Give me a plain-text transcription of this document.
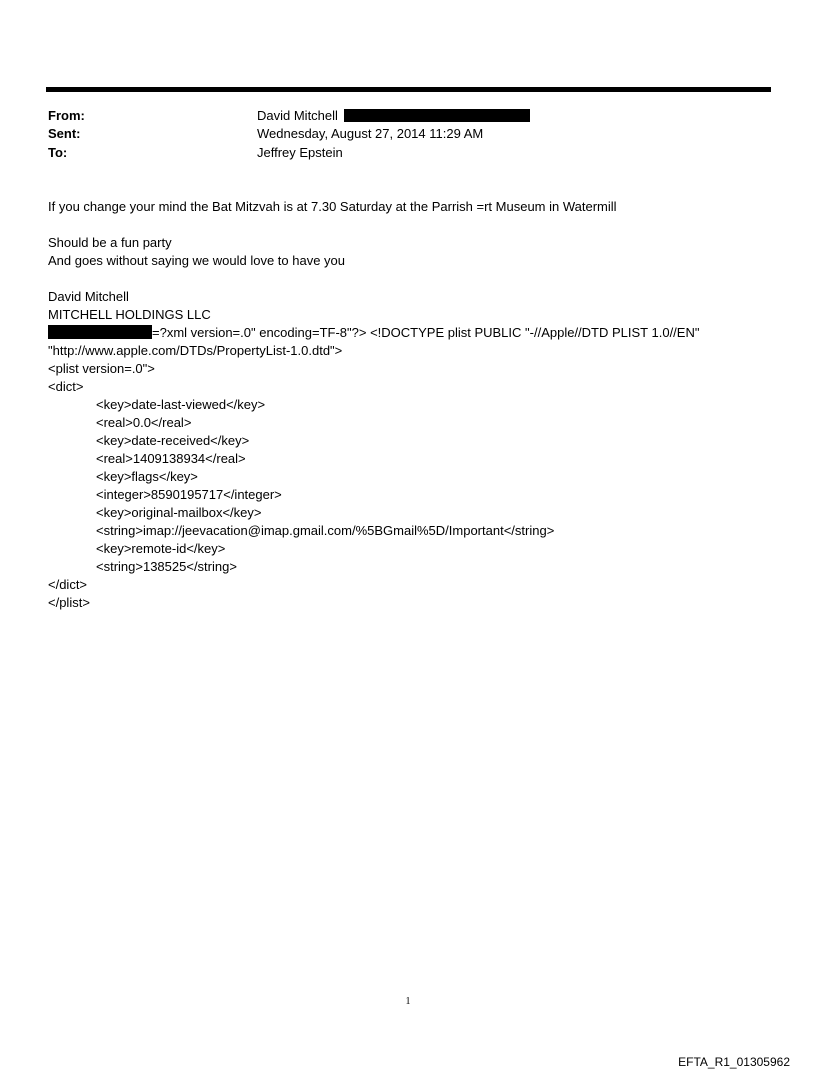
From:	David Mitchell
Sent:	Wednesday, August 27, 2014 11:29 AM
To:	Jeffrey Epstein
If you change your mind the Bat Mitzvah is at 7.30 Saturday at the Parrish =rt Museum in Watermill
Should be a fun party
And goes without saying we would love to have you
David Mitchell
MITCHELL HOLDINGS LLC
=?xml version=.0" encoding=TF-8"?> <!DOCTYPE plist PUBLIC "-//Apple//DTD PLIST 1.0//EN"
"http://www.apple.com/DTDs/PropertyList-1.0.dtd">
<plist version=.0">
<dict>
<key>date-last-viewed</key>
<real>0.0</real>
<key>date-received</key>
<real>1409138934</real>
<key>flags</key>
<integer>8590195717</integer>
<key>original-mailbox</key>
<string>imap://jeevacation@imap.gmail.com/%5BGmail%5D/Important</string>
<key>remote-id</key>
<string>138525</string>
</dict>
</plist>
1
EFTA_R1_01305962
